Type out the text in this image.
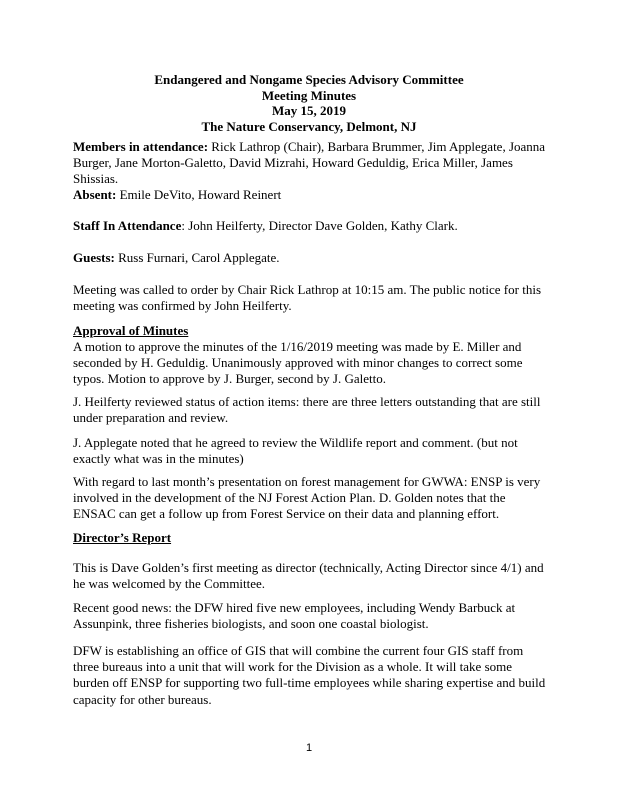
Endangered and Nongame Species Advisory Committee
Meeting Minutes
May 15, 2019
The Nature Conservancy, Delmont, NJ

Members in attendance: Rick Lathrop (Chair), Barbara Brummer, Jim Applegate, Joanna Burger, Jane Morton-Galetto, David Mizrahi, Howard Geduldig, Erica Miller, James Shissias.

Absent: Emile DeVito, Howard Reinert

Staff In Attendance: John Heilferty, Director Dave Golden, Kathy Clark.

Guests: Russ Furnari, Carol Applegate.

Meeting was called to order by Chair Rick Lathrop at 10:15 am. The public notice for this meeting was confirmed by John Heilferty.

Approval of Minutes

A motion to approve the minutes of the 1/16/2019 meeting was made by E. Miller and seconded by H. Geduldig. Unanimously approved with minor changes to correct some typos. Motion to approve by J. Burger, second by J. Galetto.

J. Heilferty reviewed status of action items: there are three letters outstanding that are still under preparation and review.

J. Applegate noted that he agreed to review the Wildlife report and comment. (but not exactly what was in the minutes)

With regard to last month’s presentation on forest management for GWWA: ENSP is very involved in the development of the NJ Forest Action Plan. D. Golden notes that the ENSAC can get a follow up from Forest Service on their data and planning effort.

Director’s Report

This is Dave Golden’s first meeting as director (technically, Acting Director since 4/1) and he was welcomed by the Committee.

Recent good news: the DFW hired five new employees, including Wendy Barbuck at Assunpink, three fisheries biologists, and soon one coastal biologist.

DFW is establishing an office of GIS that will combine the current four GIS staff from three bureaus into a unit that will work for the Division as a whole. It will take some burden off ENSP for supporting two full-time employees while sharing expertise and build capacity for other bureaus.

1
